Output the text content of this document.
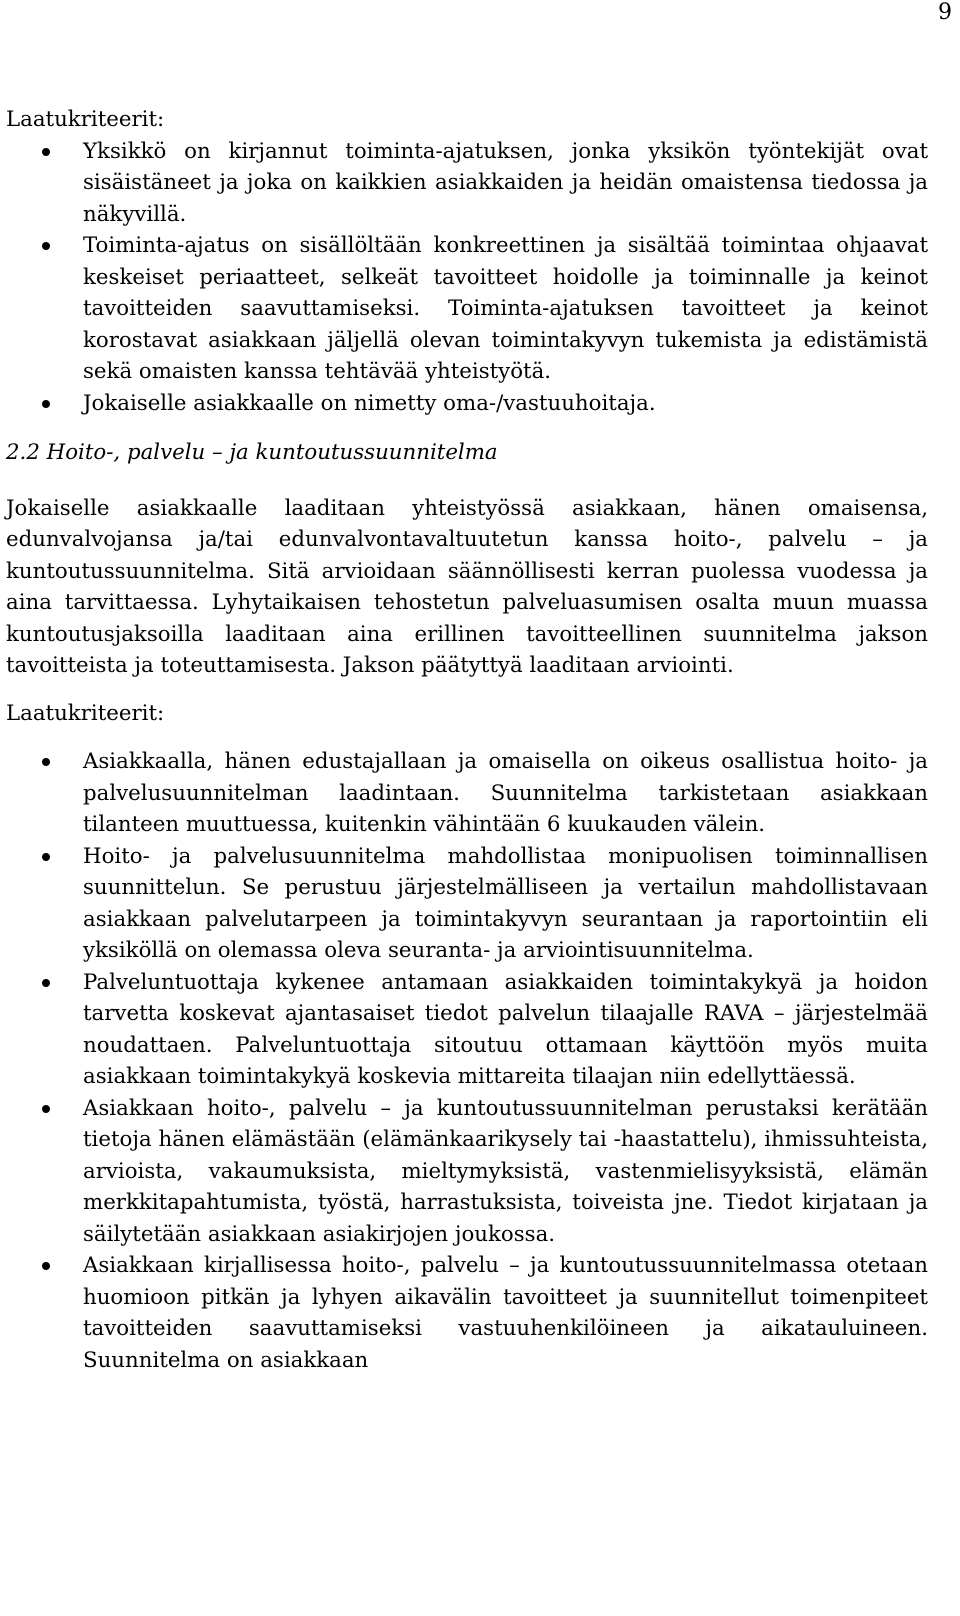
9

Laatukriteerit:

Yksikkö on kirjannut toiminta-ajatuksen, jonka yksikön työntekijät ovat sisäistäneet ja joka on kaikkien asiakkaiden ja heidän omaistensa tiedossa ja näkyvillä.
Toiminta-ajatus on sisällöltään konkreettinen ja sisältää toimintaa ohjaavat keskeiset periaatteet, selkeät tavoitteet hoidolle ja toiminnalle ja keinot tavoitteiden saavuttamiseksi. Toiminta-ajatuksen tavoitteet ja keinot korostavat asiakkaan jäljellä olevan toimintakyvyn tukemista ja edistämistä sekä omaisten kanssa tehtävää yhteistyötä.
Jokaiselle asiakkaalle on nimetty oma-/vastuuhoitaja.
2.2 Hoito-, palvelu – ja kuntoutussuunnitelma

Jokaiselle asiakkaalle laaditaan yhteistyössä asiakkaan, hänen omaisensa, edunvalvojansa ja/tai edunvalvontavaltuutetun kanssa hoito-, palvelu – ja kuntoutussuunnitelma. Sitä arvioidaan säännöllisesti kerran puolessa vuodessa ja aina tarvittaessa. Lyhytaikaisen tehostetun palveluasumisen osalta muun muassa kuntoutusjaksoilla laaditaan aina erillinen tavoitteellinen suunnitelma jakson tavoitteista ja toteuttamisesta. Jakson päätyttyä laaditaan arviointi.

Laatukriteerit:

Asiakkaalla, hänen edustajallaan ja omaisella on oikeus osallistua hoito- ja palvelusuunnitelman laadintaan. Suunnitelma tarkistetaan asiakkaan tilanteen muuttuessa, kuitenkin vähintään 6 kuukauden välein.
Hoito- ja palvelusuunnitelma mahdollistaa monipuolisen toiminnallisen suunnittelun. Se perustuu järjestelmälliseen ja vertailun mahdollistavaan asiakkaan palvelutarpeen ja toimintakyvyn seurantaan ja raportointiin eli yksiköllä on olemassa oleva seuranta- ja arviointisuunnitelma.
Palveluntuottaja kykenee antamaan asiakkaiden toimintakykyä ja hoidon tarvetta koskevat ajantasaiset tiedot palvelun tilaajalle RAVA – järjestelmää noudattaen. Palveluntuottaja sitoutuu ottamaan käyttöön myös muita asiakkaan toimintakykyä koskevia mittareita tilaajan niin edellyttäessä.
Asiakkaan hoito-, palvelu – ja kuntoutussuunnitelman perustaksi kerätään tietoja hänen elämästään (elämänkaarikysely tai -haastattelu), ihmissuhteista, arvioista, vakaumuksista, mieltymyksistä, vastenmielisyyksistä, elämän merkkitapahtumista, työstä, harrastuksista, toiveista jne. Tiedot kirjataan ja säilytetään asiakkaan asiakirjojen joukossa.
Asiakkaan kirjallisessa hoito-, palvelu – ja kuntoutussuunnitelmassa otetaan huomioon pitkän ja lyhyen aikavälin tavoitteet ja suunnitellut toimenpiteet tavoitteiden saavuttamiseksi vastuuhenkilöineen ja aikatauluineen. Suunnitelma on asiakkaan
